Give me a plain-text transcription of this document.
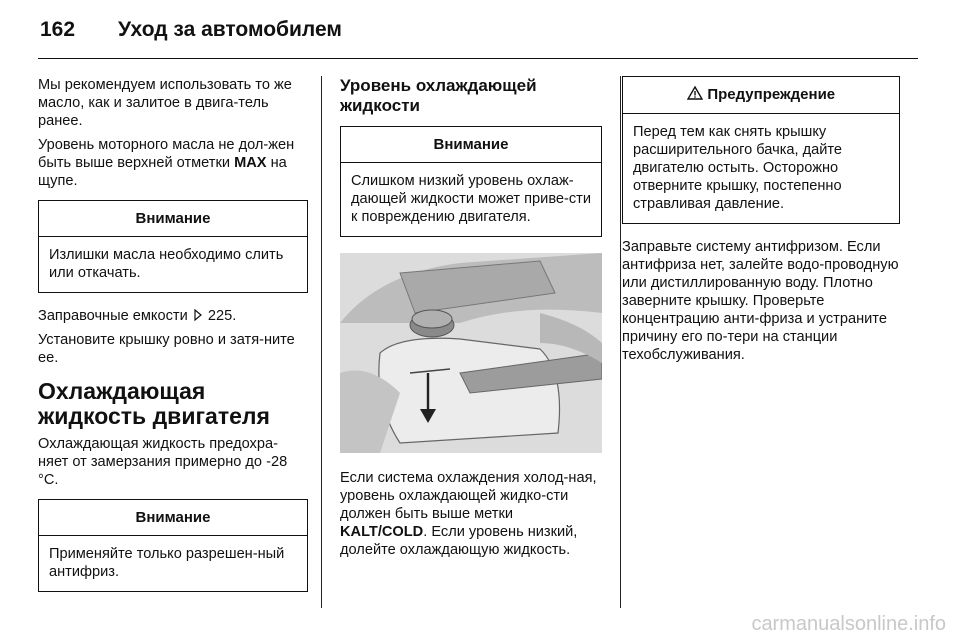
162 Уход за автомобилем

Мы рекомендуем использовать то же масло, как и залитое в двига-тель ранее.

Уровень моторного масла не дол-жен быть выше верхней отметки MAX на щупе.

Внимание
Излишки масла необходимо слить или откачать.

Заправочные емкости  225.

Установите крышку ровно и затя-ните ее.

Охлаждающая жидкость двигателя

Охлаждающая жидкость предохра-няет от замерзания примерно до -28 °C.

Внимание
Применяйте только разрешен-ный антифриз.
Уровень охлаждающей жидкости
Внимание
Слишком низкий уровень охлаж-дающей жидкости может приве-сти к повреждению двигателя.

Если система охлаждения холод-ная, уровень охлаждающей жидко-сти должен быть выше метки KALT/COLD. Если уровень низкий, долейте охлаждающую жидкость.

Предупреждение
Перед тем как снять крышку расширительного бачка, дайте двигателю остыть. Осторожно отверните крышку, постепенно стравливая давление.

Заправьте систему антифризом. Если антифриза нет, залейте водо-проводную или дистиллированную воду. Плотно заверните крышку. Проверьте концентрацию анти-фриза и устраните причину его по-тери на станции техобслуживания.

carmanualsonline.info
